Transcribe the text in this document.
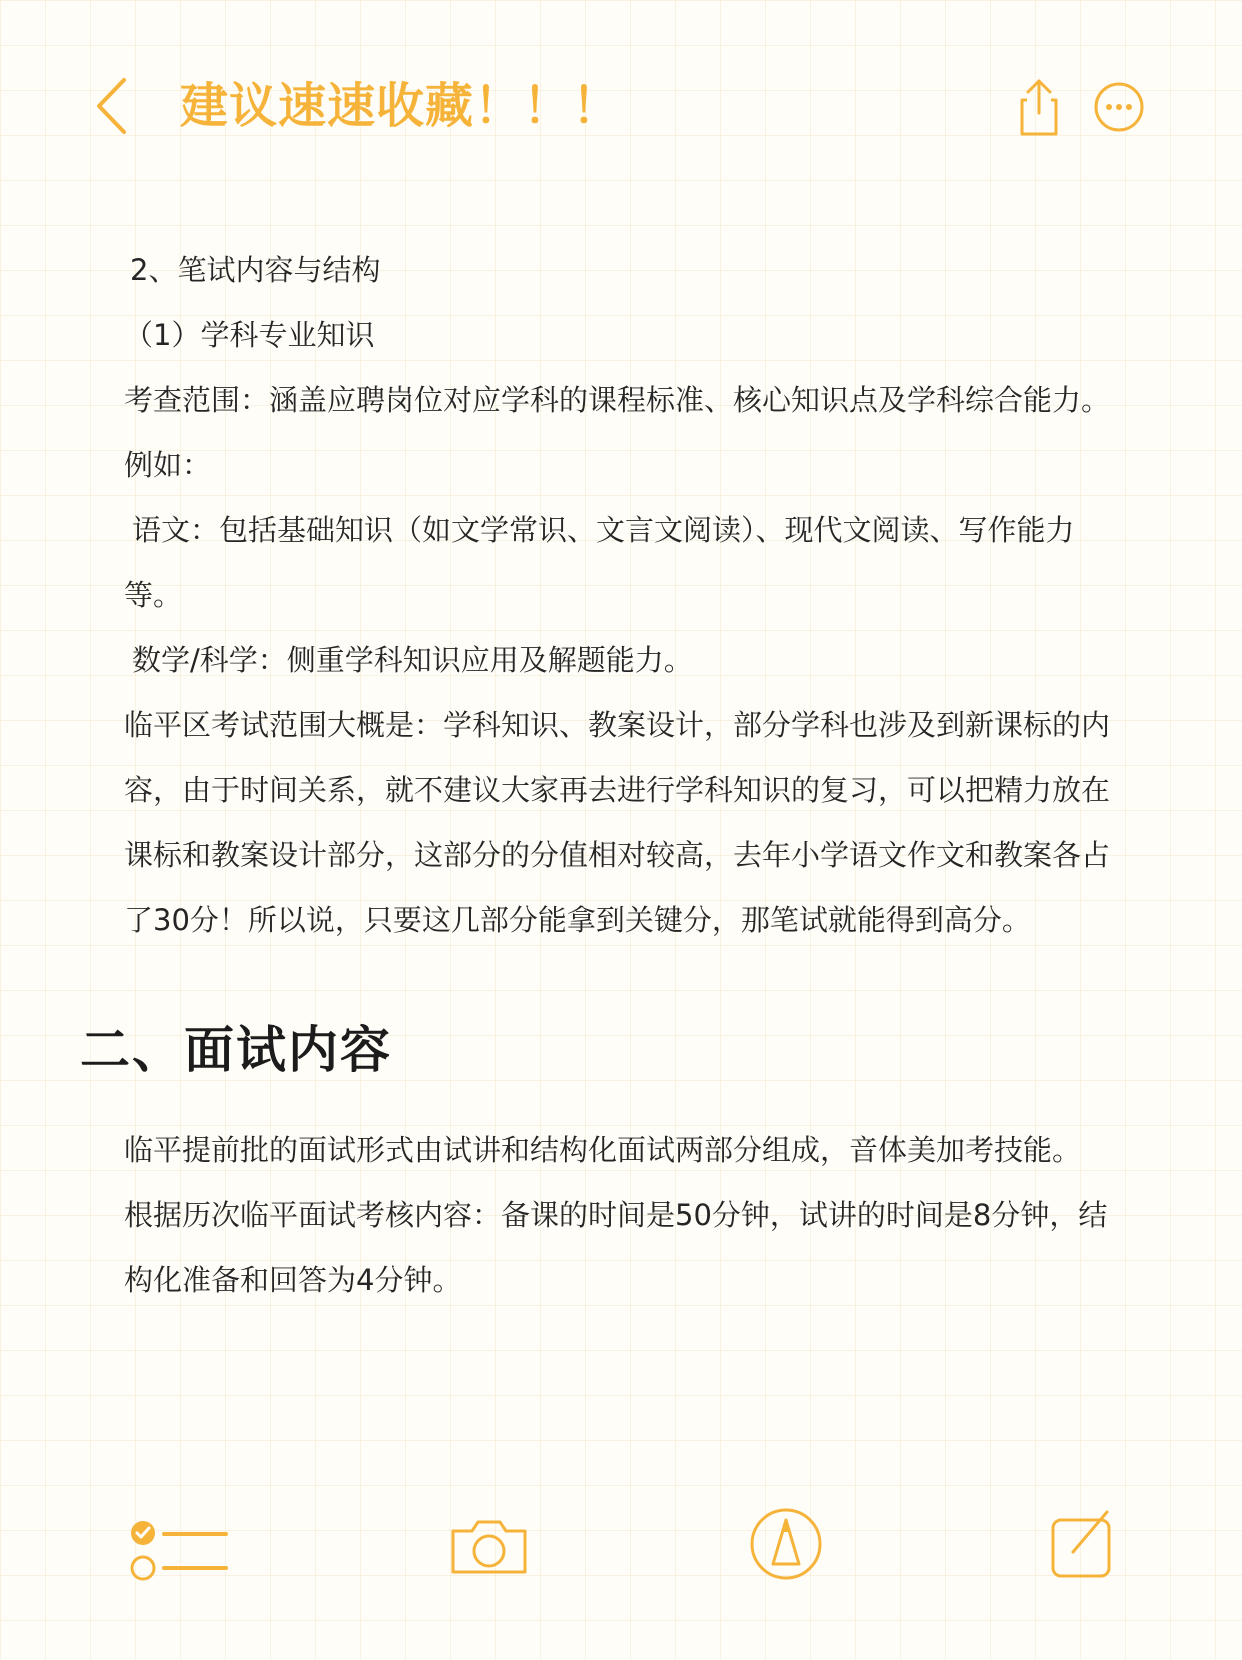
建议速速收藏！！！
2、笔试内容与结构
（1）学科专业知识
考查范围：涵盖应聘岗位对应学科的课程标准、核心知识点及学科综合能力。
例如：
语文：包括基础知识（如文学常识、文言文阅读）、现代文阅读、写作能力
等。
数学/科学：侧重学科知识应用及解题能力。
临平区考试范围大概是：学科知识、教案设计，部分学科也涉及到新课标的内
容，由于时间关系，就不建议大家再去进行学科知识的复习，可以把精力放在
课标和教案设计部分，这部分的分值相对较高，去年小学语文作文和教案各占
了30分！所以说，只要这几部分能拿到关键分，那笔试就能得到高分。
二、面试内容
临平提前批的面试形式由试讲和结构化面试两部分组成，音体美加考技能。
根据历次临平面试考核内容：备课的时间是50分钟，试讲的时间是8分钟，结
构化准备和回答为4分钟。
